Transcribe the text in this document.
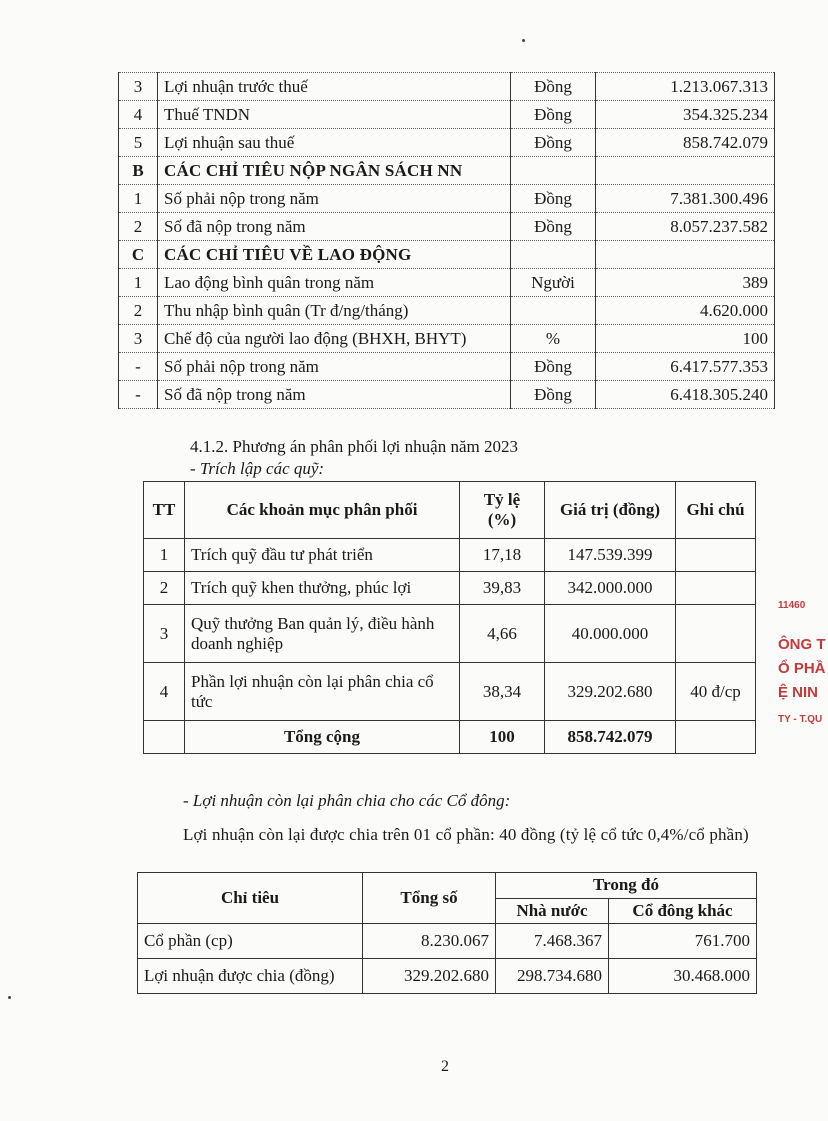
3	Lợi nhuận trước thuế	Đồng	1.213.067.313
4	Thuế TNDN	Đồng	354.325.234
5	Lợi nhuận sau thuế	Đồng	858.742.079
B	CÁC CHỈ TIÊU NỘP NGÂN SÁCH NN		
1	Số phải nộp trong năm	Đồng	7.381.300.496
2	Số đã nộp trong năm	Đồng	8.057.237.582
C	CÁC CHỈ TIÊU VỀ LAO ĐỘNG		
1	Lao động bình quân trong năm	Người	389
2	Thu nhập bình quân (Tr đ/ng/tháng)		4.620.000
3	Chế độ của người lao động (BHXH, BHYT)	%	100
-	Số phải nộp trong năm	Đồng	6.417.577.353
-	Số đã nộp trong năm	Đồng	6.418.305.240
4.1.2. Phương án phân phối lợi nhuận năm 2023
- Trích lập các quỹ:
TT	Các khoản mục phân phối	Tỷ lệ (%)	Giá trị (đồng)	Ghi chú
1	Trích quỹ đầu tư phát triển	17,18	147.539.399	
2	Trích quỹ khen thưởng, phúc lợi	39,83	342.000.000	
3	Quỹ thưởng Ban quản lý, điều hành doanh nghiệp	4,66	40.000.000	
4	Phần lợi nhuận còn lại phân chia cổ tức	38,34	329.202.680	40 đ/cp
	Tổng cộng	100	858.742.079	
- Lợi nhuận còn lại phân chia cho các Cổ đông:
Lợi nhuận còn lại được chia trên 01 cổ phần: 40 đồng (tỷ lệ cổ tức 0,4%/cổ phần)
Chỉ tiêu	Tổng số	Trong đó	
		Nhà nước	Cổ đông khác
Cổ phần (cp)	8.230.067	7.468.367	761.700
Lợi nhuận được chia (đồng)	329.202.680	298.734.680	30.468.000
11460
ÔNG T
Ổ PHẦ
Ệ NIN
TY - T.QU
2
